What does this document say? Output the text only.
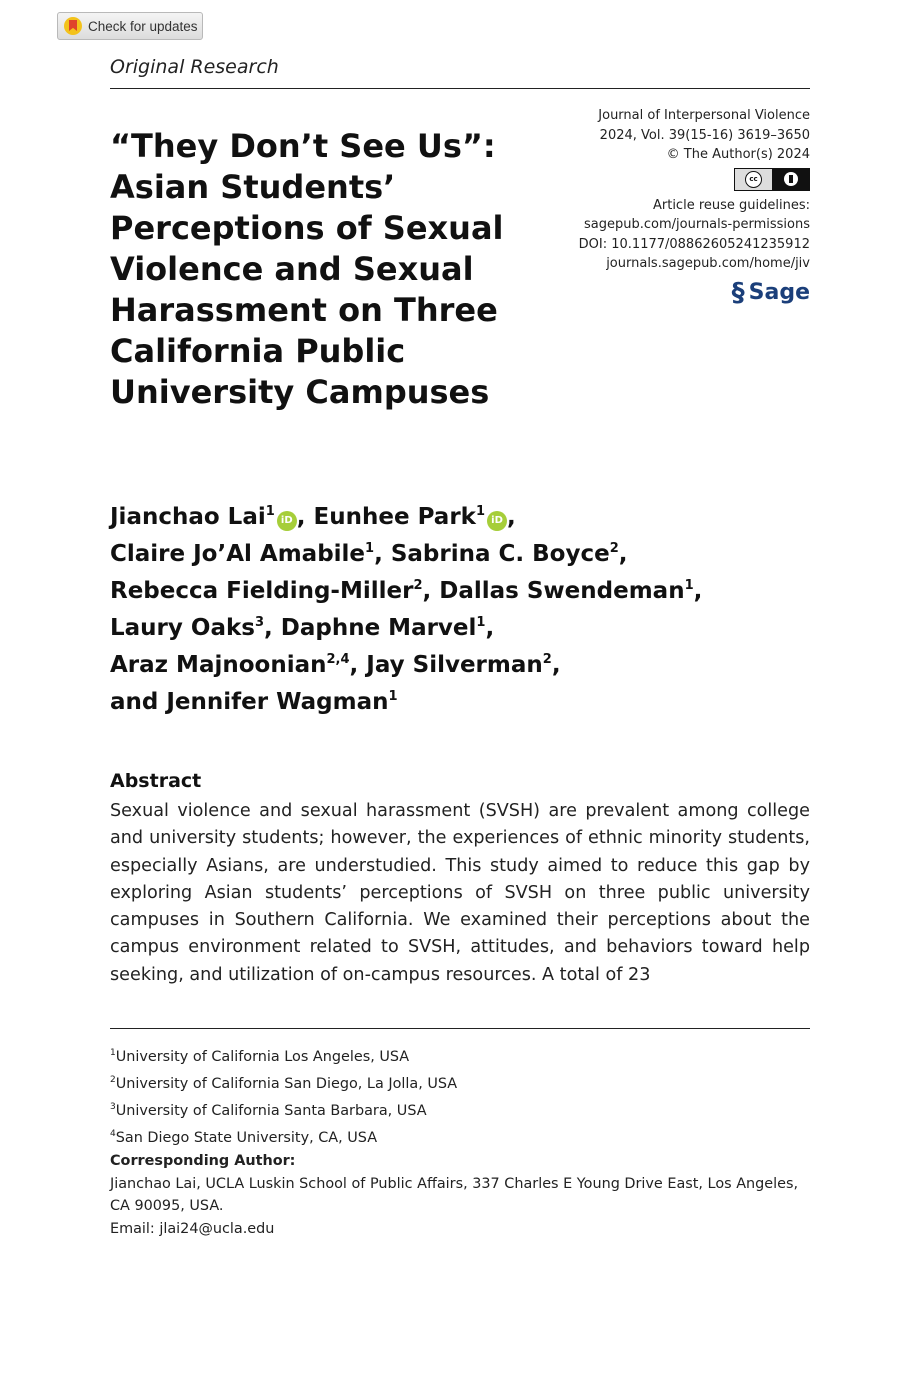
Check for updates
Original Research
“They Don’t See Us”: Asian Students’ Perceptions of Sexual Violence and Sexual Harassment on Three California Public University Campuses
Journal of Interpersonal Violence
2024, Vol. 39(15-16) 3619–3650
© The Author(s) 2024
cc
Article reuse guidelines:
sagepub.com/journals-permissions
DOI: 10.1177/08862605241235912
journals.sagepub.com/home/jiv
§ Sage

Jianchao Lai$^1$iD , Eunhee Park$^1$iD ,
Claire Jo’Al Amabile$^1$, Sabrina C. Boyce$^2$,
Rebecca Fielding-Miller$^2$, Dallas Swendeman$^1$,
Laury Oaks$^3$, Daphne Marvel$^1$,
Araz Majnoonian$^{2,4}$, Jay Silverman$^2$,
and Jennifer Wagman$^1$

Abstract

Sexual violence and sexual harassment (SVSH) are prevalent among college and university students; however, the experiences of ethnic minority students, especially Asians, are understudied. This study aimed to reduce this gap by exploring Asian students’ perceptions of SVSH on three public university campuses in Southern California. We examined their perceptions about the campus environment related to SVSH, attitudes, and behaviors toward help seeking, and utilization of on-campus resources. A total of 23

$^1$University of California Los Angeles, USA
$^2$University of California San Diego, La Jolla, USA
$^3$University of California Santa Barbara, USA
$^4$San Diego State University, CA, USA
Corresponding Author:
Jianchao Lai, UCLA Luskin School of Public Affairs, 337 Charles E Young Drive East, Los Angeles, CA 90095, USA.
Email: jlai24@ucla.edu
